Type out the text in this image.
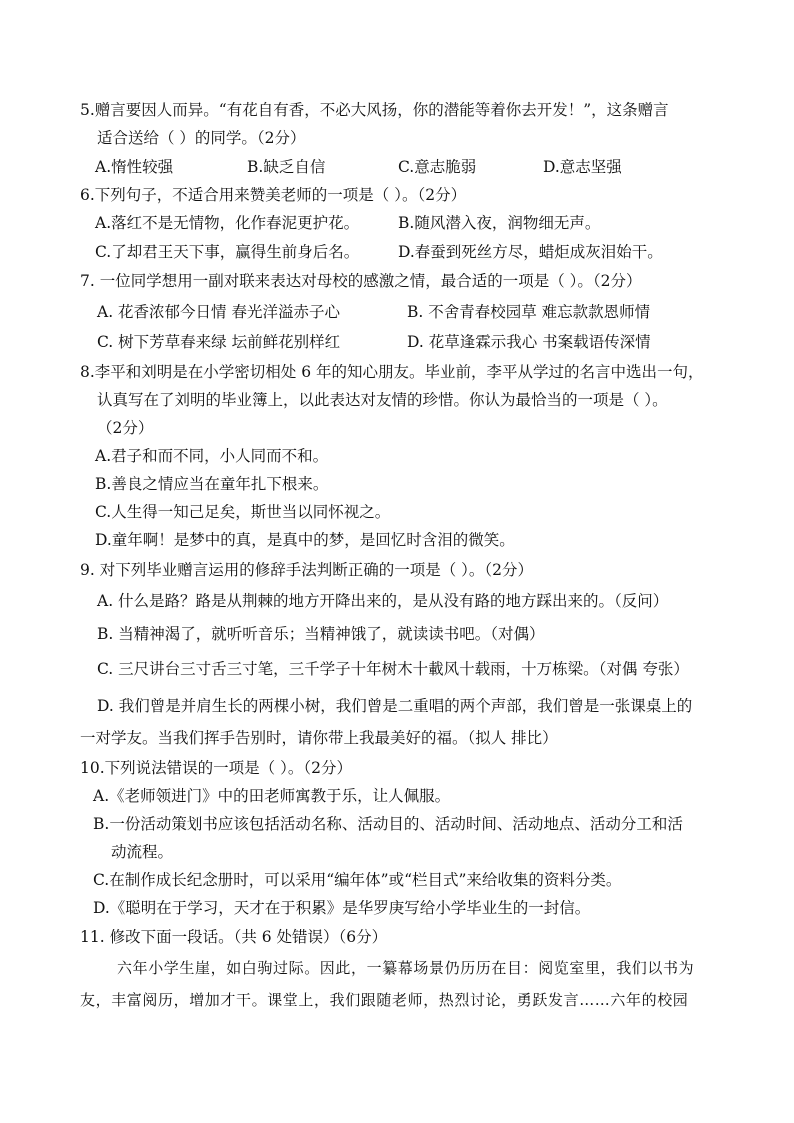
5.赠言要因人而异。“有花自有香，不必大风扬，你的潜能等着你去开发！”，这条赠言
适合送给（ ）的同学。（2分）
A.惰性较强	B.缺乏自信	C.意志脆弱	D.意志坚强
6.下列句子，不适合用来赞美老师的一项是（ ）。（2分）
A.落红不是无情物，化作春泥更护花。	B.随风潜入夜，润物细无声。
C.了却君王天下事，赢得生前身后名。	D.春蚕到死丝方尽，蜡炬成灰泪始干。
7. 一位同学想用一副对联来表达对母校的感激之情，最合适的一项是（ ）。（2分）
A. 花香浓郁今日情 春光洋溢赤子心	B. 不舍青春校园草 难忘款款恩师情
C. 树下芳草春来绿 坛前鲜花别样红	D. 花草逢霖示我心 书案载语传深情
8.李平和刘明是在小学密切相处 6 年的知心朋友。毕业前，李平从学过的名言中选出一句，
认真写在了刘明的毕业簿上，以此表达对友情的珍惜。你认为最恰当的一项是（ ）。
（2分）
A.君子和而不同，小人同而不和。
B.善良之情应当在童年扎下根来。
C.人生得一知己足矣，斯世当以同怀视之。
D.童年啊！是梦中的真，是真中的梦，是回忆时含泪的微笑。
9. 对下列毕业赠言运用的修辞手法判断正确的一项是（ ）。（2分）
A. 什么是路？路是从荆棘的地方开降出来的，是从没有路的地方踩出来的。（反问）
B. 当精神渴了，就听听音乐；当精神饿了，就读读书吧。（对偶）
C. 三尺讲台三寸舌三寸笔，三千学子十年树木十載风十载雨，十万栋梁。（对偶 夸张）
D. 我们曾是并肩生长的两棵小树，我们曾是二重唱的两个声部，我们曾是一张课桌上的
一对学友。当我们挥手告别时，请你带上我最美好的福。（拟人 排比）
10.下列说法错误的一项是（ ）。（2分）
A.《老师领进门》中的田老师寓教于乐，让人佩服。
B.一份活动策划书应该包括活动名称、活动目的、活动时间、活动地点、活动分工和活
动流程。
C.在制作成长纪念册时，可以采用“编年体”或“栏目式”来给收集的资料分类。
D.《聪明在于学习，天才在于积累》是华罗庚写给小学毕业生的一封信。
11. 修改下面一段话。（共 6 处错误）（6分）
六年小学生崖，如白驹过际。因此，一纂幕场景仍历历在目：阅览室里，我们以书为
友，丰富阅历，增加才干。课堂上，我们跟随老师，热烈讨论，勇跃发言……六年的校园
